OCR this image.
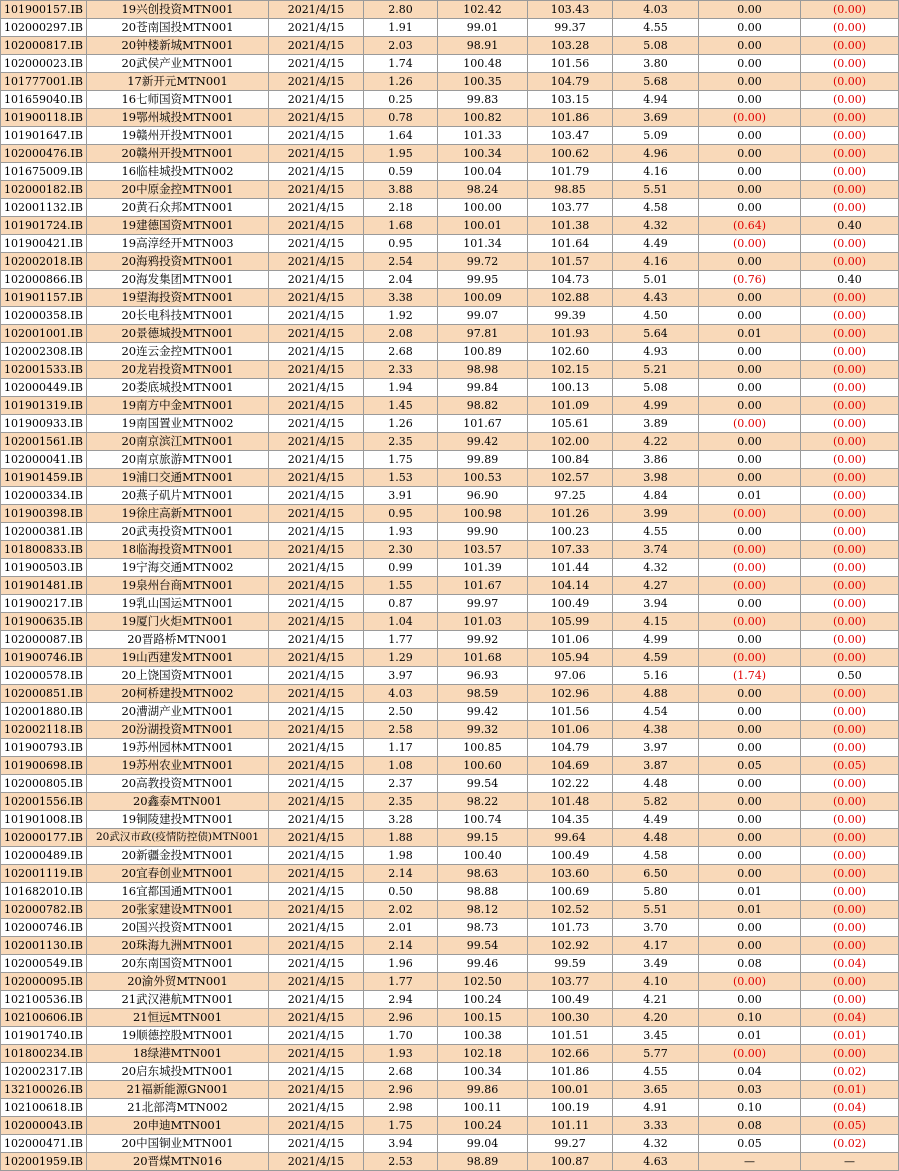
101900157.IB	19兴创投资MTN001	2021/4/15	2.80	102.42	103.43	4.03	0.00	(0.00)
102000297.IB	20苍南国投MTN001	2021/4/15	1.91	99.01	99.37	4.55	0.00	(0.00)
102000817.IB	20钟楼新城MTN001	2021/4/15	2.03	98.91	103.28	5.08	0.00	(0.00)
102000023.IB	20武侯产业MTN001	2021/4/15	1.74	100.48	101.56	3.80	0.00	(0.00)
101777001.IB	17新开元MTN001	2021/4/15	1.26	100.35	104.79	5.68	0.00	(0.00)
101659040.IB	16七师国资MTN001	2021/4/15	0.25	99.83	103.15	4.94	0.00	(0.00)
101900118.IB	19鄂州城投MTN001	2021/4/15	0.78	100.82	101.86	3.69	(0.00)	(0.00)
101901647.IB	19赣州开投MTN001	2021/4/15	1.64	101.33	103.47	5.09	0.00	(0.00)
102000476.IB	20赣州开投MTN001	2021/4/15	1.95	100.34	100.62	4.96	0.00	(0.00)
101675009.IB	16临桂城投MTN002	2021/4/15	0.59	100.04	101.79	4.16	0.00	(0.00)
102000182.IB	20中原金控MTN001	2021/4/15	3.88	98.24	98.85	5.51	0.00	(0.00)
102001132.IB	20黄石众邦MTN001	2021/4/15	2.18	100.00	103.77	4.58	0.00	(0.00)
101901724.IB	19建德国资MTN001	2021/4/15	1.68	100.01	101.38	4.32	(0.64)	0.40
101900421.IB	19高淳经开MTN003	2021/4/15	0.95	101.34	101.64	4.49	(0.00)	(0.00)
102002018.IB	20海鸦投资MTN001	2021/4/15	2.54	99.72	101.57	4.16	0.00	(0.00)
102000866.IB	20海发集团MTN001	2021/4/15	2.04	99.95	104.73	5.01	(0.76)	0.40
101901157.IB	19望海投资MTN001	2021/4/15	3.38	100.09	102.88	4.43	0.00	(0.00)
102000358.IB	20长电科技MTN001	2021/4/15	1.92	99.07	99.39	4.50	0.00	(0.00)
102001001.IB	20景德城投MTN001	2021/4/15	2.08	97.81	101.93	5.64	0.01	(0.00)
102002308.IB	20连云金控MTN001	2021/4/15	2.68	100.89	102.60	4.93	0.00	(0.00)
102001533.IB	20龙岩投资MTN001	2021/4/15	2.33	98.98	102.15	5.21	0.00	(0.00)
102000449.IB	20娄底城投MTN001	2021/4/15	1.94	99.84	100.13	5.08	0.00	(0.00)
101901319.IB	19南方中金MTN001	2021/4/15	1.45	98.82	101.09	4.99	0.00	(0.00)
101900933.IB	19南国置业MTN002	2021/4/15	1.26	101.67	105.61	3.89	(0.00)	(0.00)
102001561.IB	20南京滨江MTN001	2021/4/15	2.35	99.42	102.00	4.22	0.00	(0.00)
102000041.IB	20南京旅游MTN001	2021/4/15	1.75	99.89	100.84	3.86	0.00	(0.00)
101901459.IB	19浦口交通MTN001	2021/4/15	1.53	100.53	102.57	3.98	0.00	(0.00)
102000334.IB	20燕子矶片MTN001	2021/4/15	3.91	96.90	97.25	4.84	0.01	(0.00)
101900398.IB	19徐庄高新MTN001	2021/4/15	0.95	100.98	101.26	3.99	(0.00)	(0.00)
102000381.IB	20武夷投资MTN001	2021/4/15	1.93	99.90	100.23	4.55	0.00	(0.00)
101800833.IB	18临海投资MTN001	2021/4/15	2.30	103.57	107.33	3.74	(0.00)	(0.00)
101900503.IB	19宁海交通MTN002	2021/4/15	0.99	101.39	101.44	4.32	(0.00)	(0.00)
101901481.IB	19泉州台商MTN001	2021/4/15	1.55	101.67	104.14	4.27	(0.00)	(0.00)
101900217.IB	19乳山国运MTN001	2021/4/15	0.87	99.97	100.49	3.94	0.00	(0.00)
101900635.IB	19厦门火炬MTN001	2021/4/15	1.04	101.03	105.99	4.15	(0.00)	(0.00)
102000087.IB	20晋路桥MTN001	2021/4/15	1.77	99.92	101.06	4.99	0.00	(0.00)
101900746.IB	19山西建发MTN001	2021/4/15	1.29	101.68	105.94	4.59	(0.00)	(0.00)
102000578.IB	20上饶国资MTN001	2021/4/15	3.97	96.93	97.06	5.16	(1.74)	0.50
102000851.IB	20柯桥建投MTN002	2021/4/15	4.03	98.59	102.96	4.88	0.00	(0.00)
102001880.IB	20漕湖产业MTN001	2021/4/15	2.50	99.42	101.56	4.54	0.00	(0.00)
102002118.IB	20汾湖投资MTN001	2021/4/15	2.58	99.32	101.06	4.38	0.00	(0.00)
101900793.IB	19苏州园林MTN001	2021/4/15	1.17	100.85	104.79	3.97	0.00	(0.00)
101900698.IB	19苏州农业MTN001	2021/4/15	1.08	100.60	104.69	3.87	0.05	(0.05)
102000805.IB	20高教投资MTN001	2021/4/15	2.37	99.54	102.22	4.48	0.00	(0.00)
102001556.IB	20鑫泰MTN001	2021/4/15	2.35	98.22	101.48	5.82	0.00	(0.00)
101901008.IB	19铜陵建投MTN001	2021/4/15	3.28	100.74	104.35	4.49	0.00	(0.00)
102000177.IB	20武汉市政(疫情防控债)MTN001	2021/4/15	1.88	99.15	99.64	4.48	0.00	(0.00)
102000489.IB	20新疆金投MTN001	2021/4/15	1.98	100.40	100.49	4.58	0.00	(0.00)
102001119.IB	20宜春创业MTN001	2021/4/15	2.14	98.63	103.60	6.50	0.00	(0.00)
101682010.IB	16宜都国通MTN001	2021/4/15	0.50	98.88	100.69	5.80	0.01	(0.00)
102000782.IB	20张家建设MTN001	2021/4/15	2.02	98.12	102.52	5.51	0.01	(0.00)
102000746.IB	20国兴投资MTN001	2021/4/15	2.01	98.73	101.73	3.70	0.00	(0.00)
102001130.IB	20珠海九洲MTN001	2021/4/15	2.14	99.54	102.92	4.17	0.00	(0.00)
102000549.IB	20东南国资MTN001	2021/4/15	1.96	99.46	99.59	3.49	0.08	(0.04)
102000095.IB	20渝外贸MTN001	2021/4/15	1.77	102.50	103.77	4.10	(0.00)	(0.00)
102100536.IB	21武汉港航MTN001	2021/4/15	2.94	100.24	100.49	4.21	0.00	(0.00)
102100606.IB	21恒远MTN001	2021/4/15	2.96	100.15	100.30	4.20	0.10	(0.04)
101901740.IB	19顺德控股MTN001	2021/4/15	1.70	100.38	101.51	3.45	0.01	(0.01)
101800234.IB	18绿港MTN001	2021/4/15	1.93	102.18	102.66	5.77	(0.00)	(0.00)
102002317.IB	20启东城投MTN001	2021/4/15	2.68	100.34	101.86	4.55	0.04	(0.02)
132100026.IB	21福新能源GN001	2021/4/15	2.96	99.86	100.01	3.65	0.03	(0.01)
102100618.IB	21北部湾MTN002	2021/4/15	2.98	100.11	100.19	4.91	0.10	(0.04)
102000043.IB	20申迪MTN001	2021/4/15	1.75	100.24	101.11	3.33	0.08	(0.05)
102000471.IB	20中国铜业MTN001	2021/4/15	3.94	99.04	99.27	4.32	0.05	(0.02)
102001959.IB	20晋煤MTN016	2021/4/15	2.53	98.89	100.87	4.63	—	—
